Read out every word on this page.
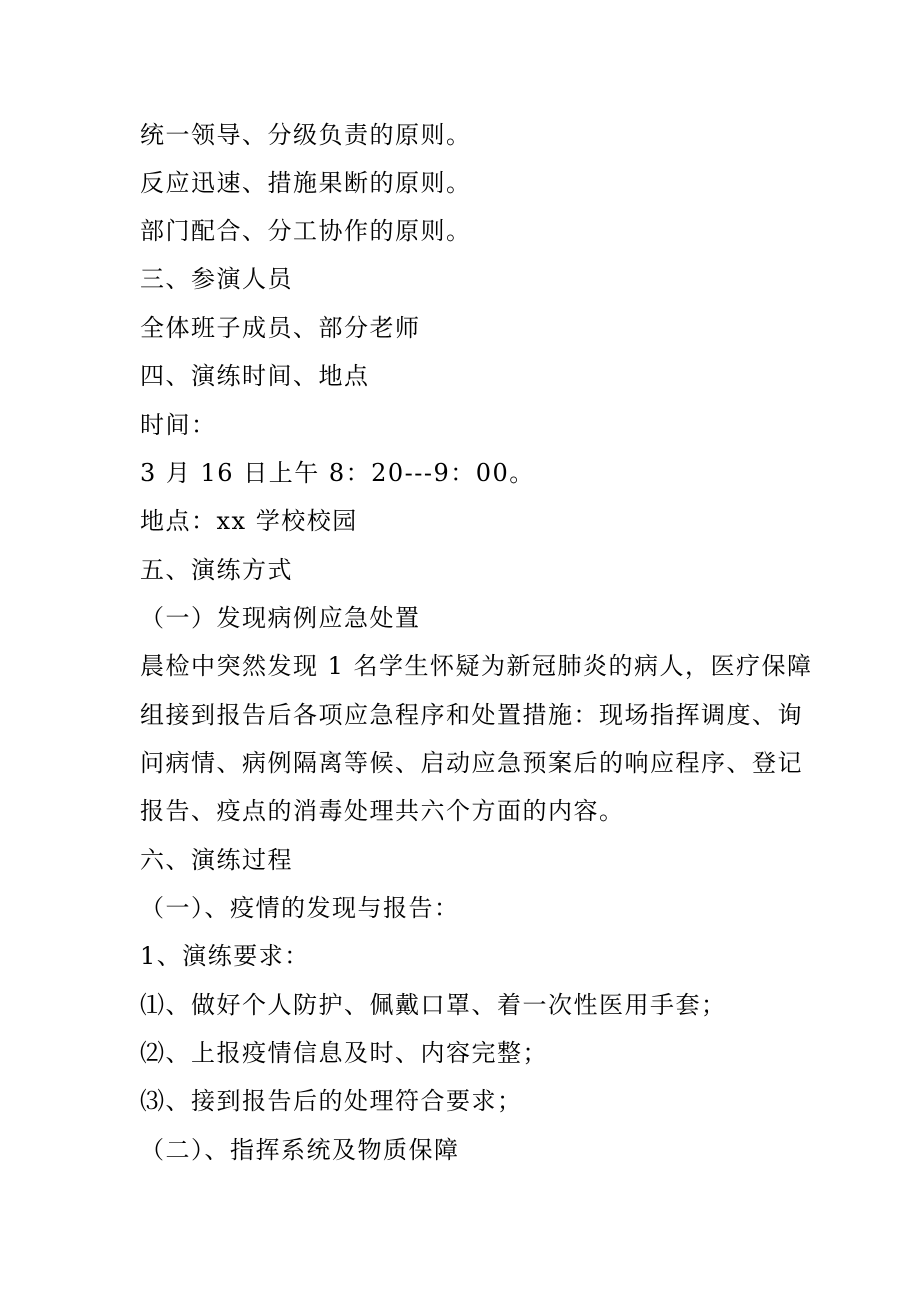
统一领导、分级负责的原则。
反应迅速、措施果断的原则。
部门配合、分工协作的原则。
三、参演人员
全体班子成员、部分老师
四、演练时间、地点
时间：
3 月 16 日上午 8：20---9：00。
地点：xx 学校校园
五、演练方式
（一）发现病例应急处置
晨检中突然发现 1 名学生怀疑为新冠肺炎的病人，医疗保障
组接到报告后各项应急程序和处置措施：现场指挥调度、询
问病情、病例隔离等候、启动应急预案后的响应程序、登记
报告、疫点的消毒处理共六个方面的内容。
六、演练过程
（一）、疫情的发现与报告：
1、演练要求：
⑴、做好个人防护、佩戴口罩、着一次性医用手套；
⑵、上报疫情信息及时、内容完整；
⑶、接到报告后的处理符合要求；
（二）、指挥系统及物质保障
